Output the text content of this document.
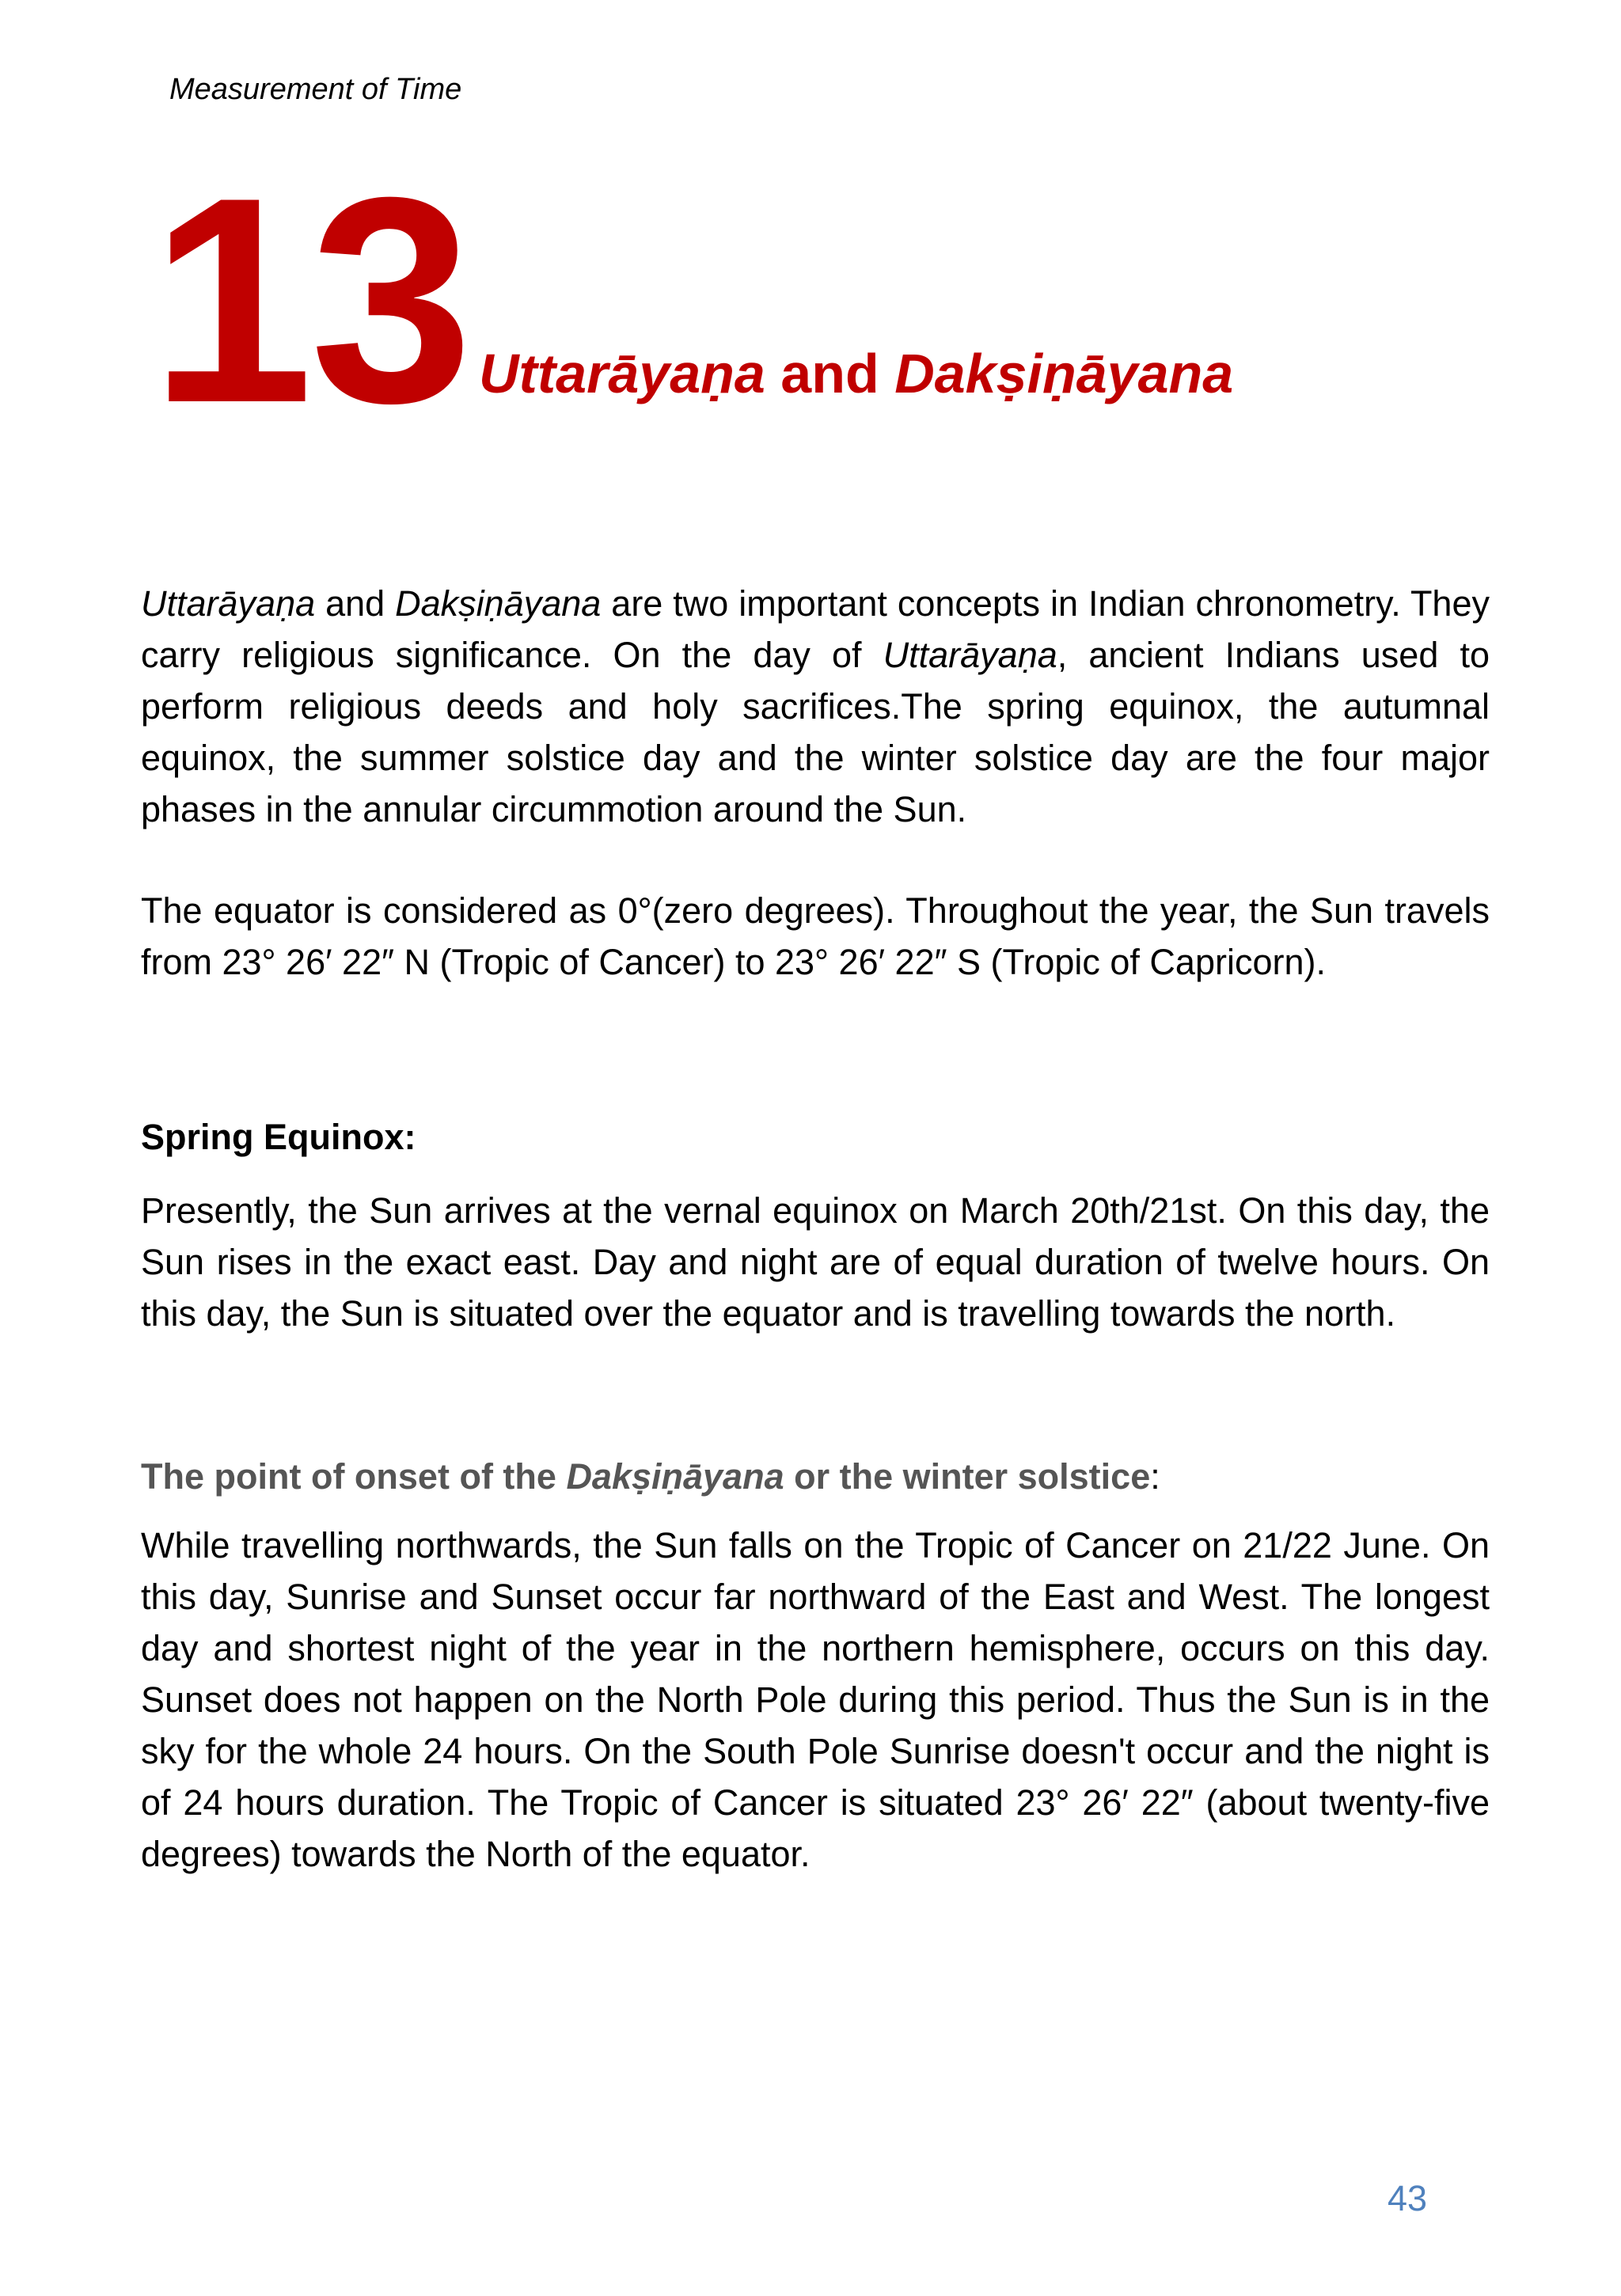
Measurement of Time
13 Uttarāyaṇa and Dakṣiṇāyana

Uttarāyaṇa and Dakṣiṇāyana are two important concepts in Indian chronometry. They carry religious significance. On the day of Uttarāyaṇa, ancient Indians used to perform religious deeds and holy sacrifices.The spring equinox, the autumnal equinox, the summer solstice day and the winter solstice day are the four major phases in the annular circummotion around the Sun.

The equator is considered as 0°(zero degrees). Throughout the year, the Sun travels from 23° 26′ 22″ N (Tropic of Cancer) to 23° 26′ 22″ S (Tropic of Capricorn).

Spring Equinox:

Presently, the Sun arrives at the vernal equinox on March 20th/21st. On this day, the Sun rises in the exact east. Day and night are of equal duration of twelve hours. On this day, the Sun is situated over the equator and is travelling towards the north.

The point of onset of the Dakṣiṇāyana or the winter solstice:

While travelling northwards, the Sun falls on the Tropic of Cancer on 21/22 June. On this day, Sunrise and Sunset occur far northward of the East and West. The longest day and shortest night of the year in the northern hemisphere, occurs on this day. Sunset does not happen on the North Pole during this period. Thus the Sun is in the sky for the whole 24 hours. On the South Pole Sunrise doesn't occur and the night is of 24 hours duration. The Tropic of Cancer is situated 23° 26′ 22″ (about twenty-five degrees) towards the North of the equator.

43
